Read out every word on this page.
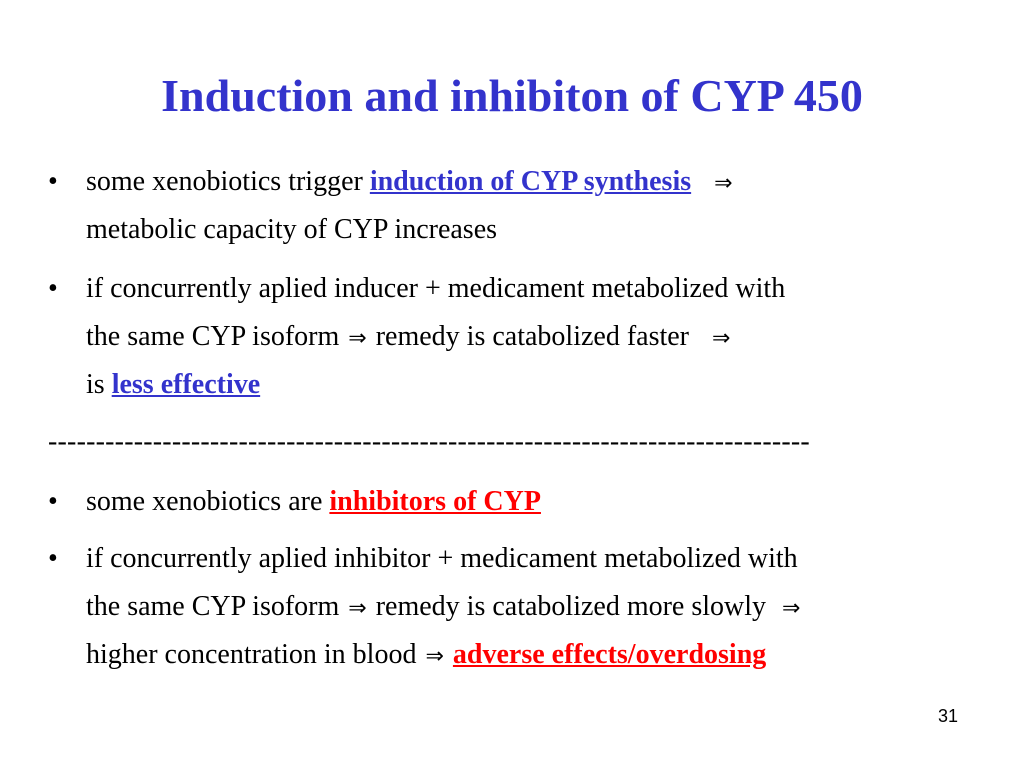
Induction and inhibiton of CYP 450
•	some xenobiotics trigger induction of CYP synthesis ⇒
metabolic capacity of CYP increases
•	if concurrently aplied inducer + medicament metabolized with
the same CYP isoform ⇒ remedy is catabolized faster ⇒
is less effective
--------------------------------------------------------------------------------
•	some xenobiotics are inhibitors of CYP
•	if concurrently aplied inhibitor + medicament metabolized with
the same CYP isoform ⇒ remedy is catabolized more slowly ⇒
higher concentration in blood ⇒ adverse effects/overdosing
31
